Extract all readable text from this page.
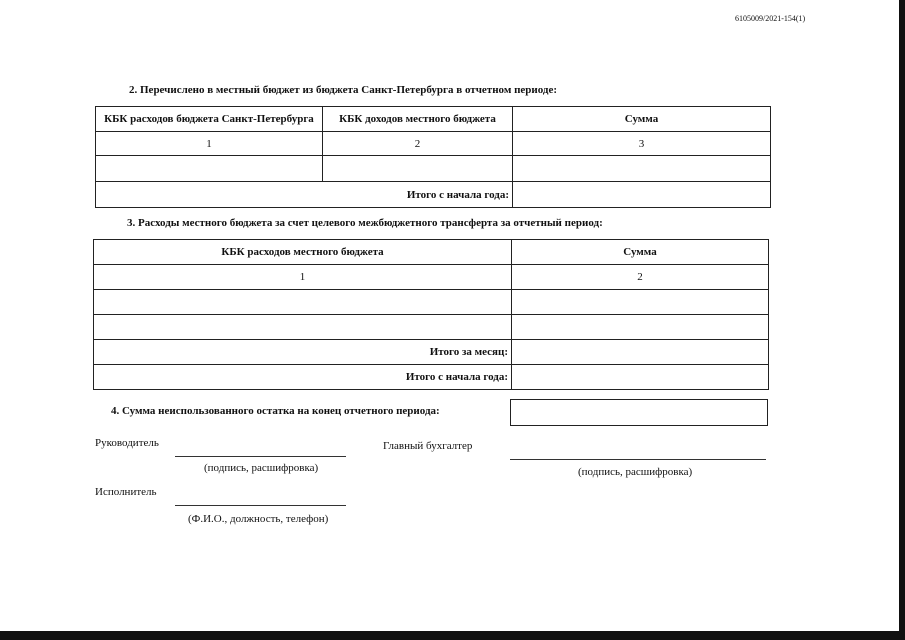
6105009/2021-154(1)
2. Перечислено в местный бюджет из бюджета Санкт-Петербурга в отчетном периоде:
КБК расходов бюджета Санкт-Петербурга	КБК доходов местного бюджета	Сумма
1	2	3

Итого с начала года:		
3. Расходы местного бюджета за счет целевого межбюджетного трансферта за отчетный период:
КБК расходов местного бюджета	Сумма
1	2

Итого за месяц:	
Итого с начала года:	
4. Сумма неиспользованного остатка на конец отчетного периода:
Руководитель
(подпись, расшифровка)
Главный бухгалтер
(подпись, расшифровка)
Исполнитель
(Ф.И.О., должность, телефон)
